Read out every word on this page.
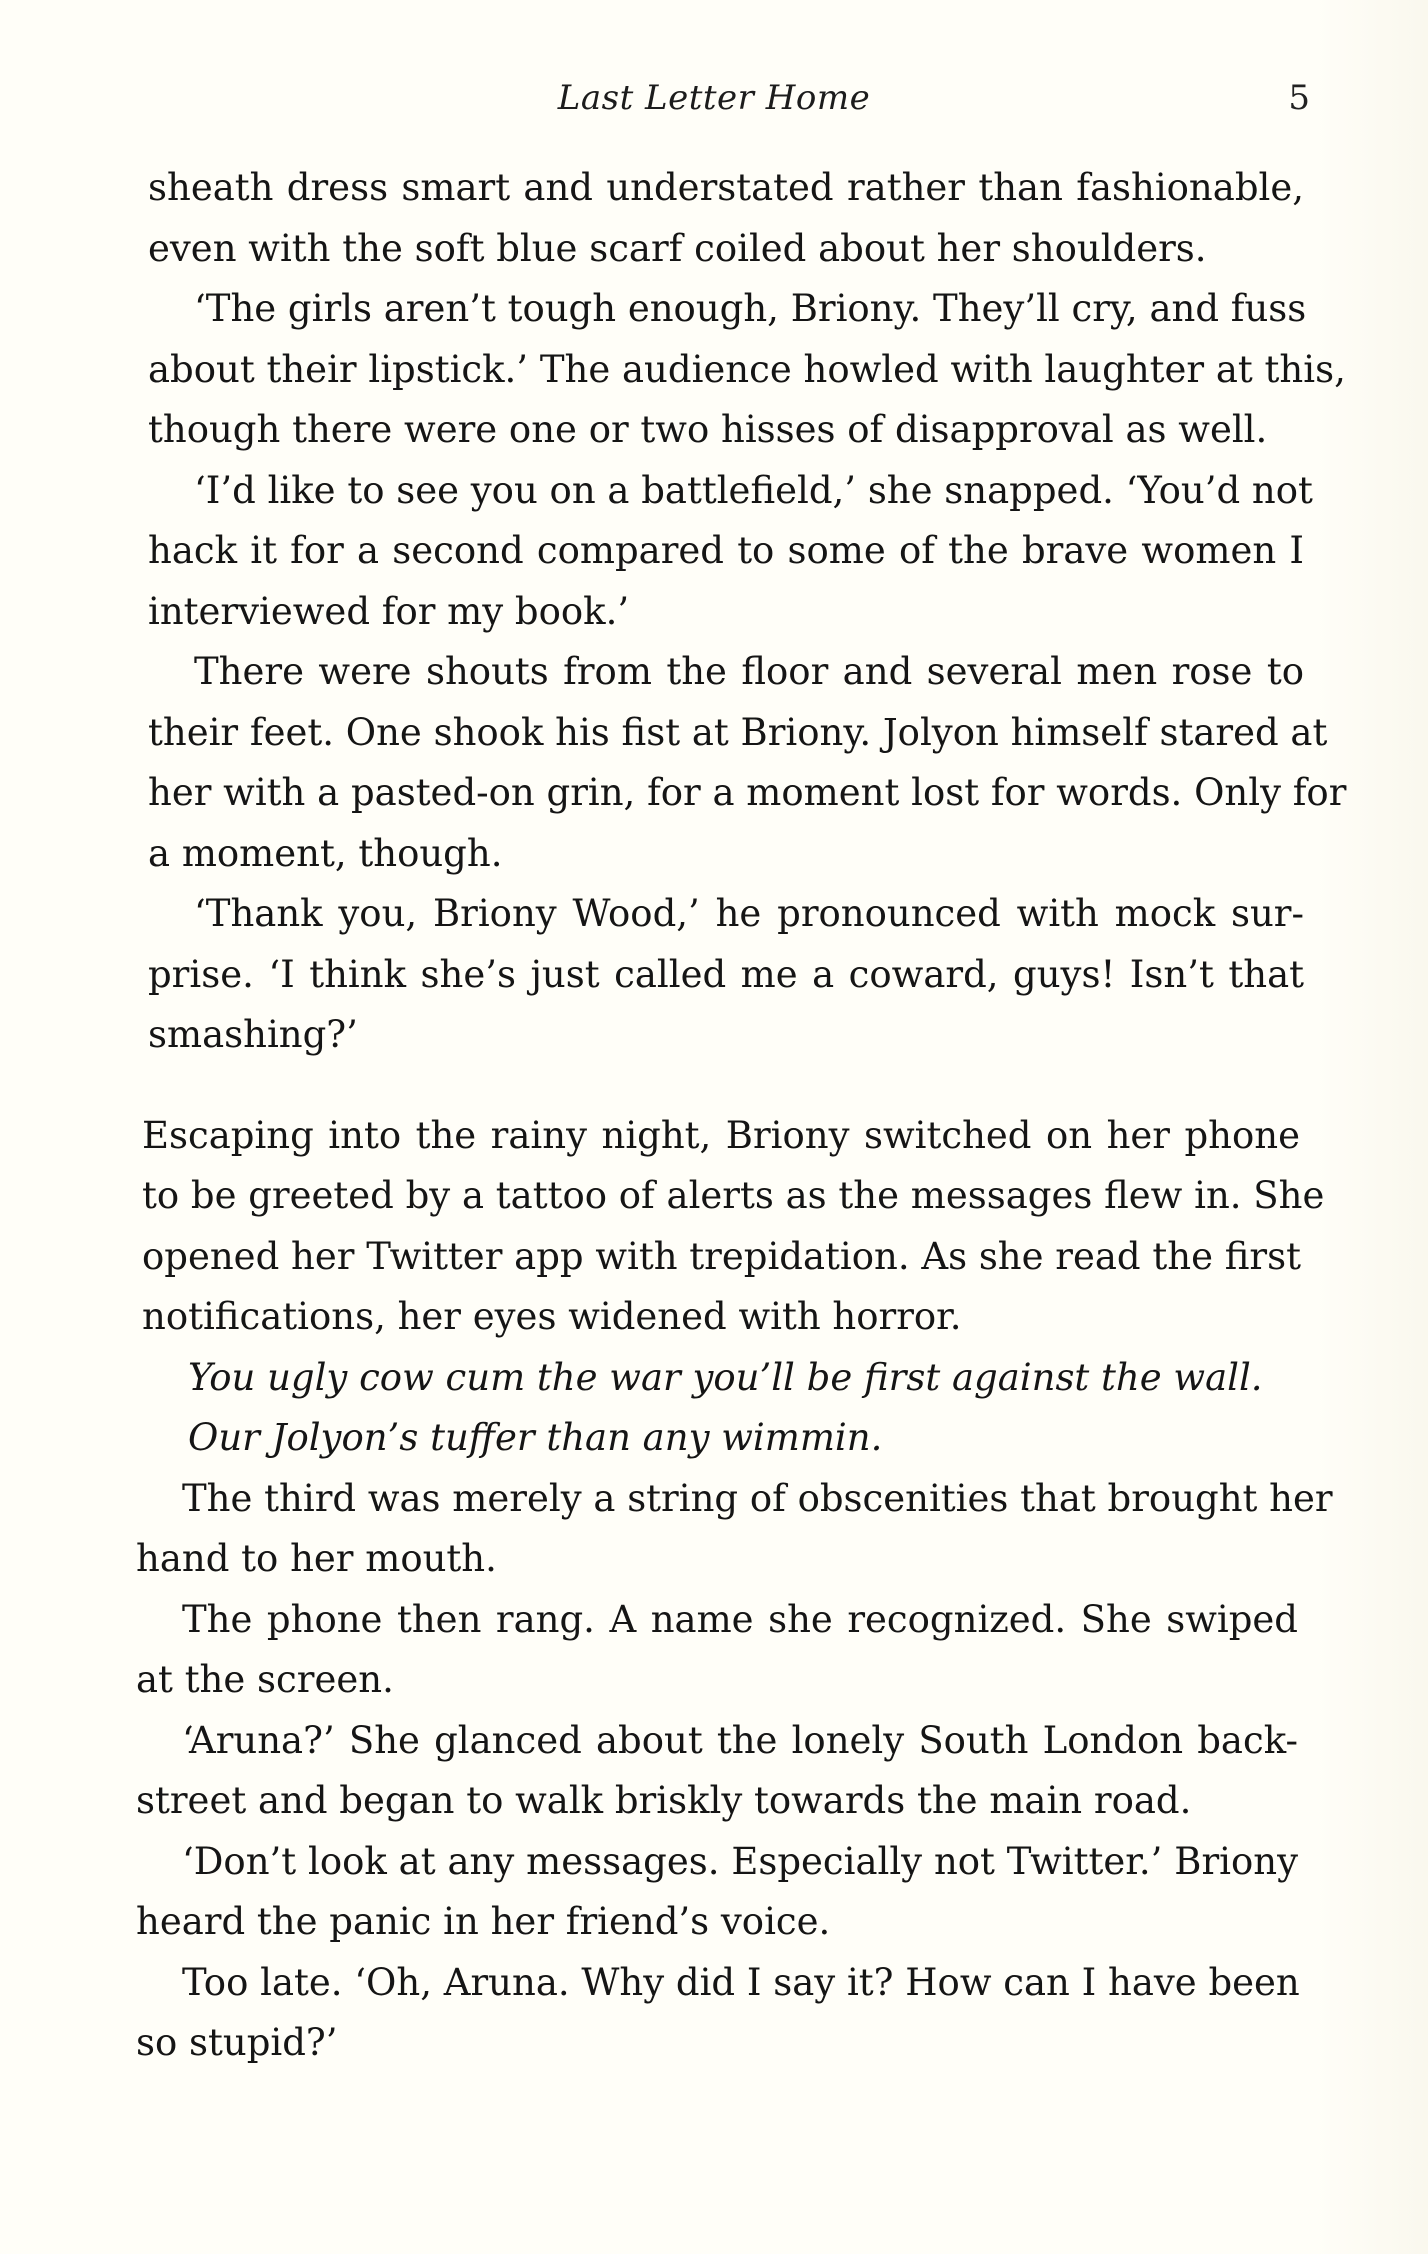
Last Letter Home	5
sheath dress smart and understated rather than fashionable,
even with the soft blue scarf coiled about her shoulders.
‘The girls aren’t tough enough, Briony. They’ll cry, and fuss
about their lipstick.’ The audience howled with laughter at this,
though there were one or two hisses of disapproval as well.
‘I’d like to see you on a battlefield,’ she snapped. ‘You’d not
hack it for a second compared to some of the brave women I
interviewed for my book.’
There were shouts from the floor and several men rose to
their feet. One shook his fist at Briony. Jolyon himself stared at
her with a pasted-on grin, for a moment lost for words. Only for
a moment, though.
‘Thank you, Briony Wood,’ he pronounced with mock sur-
prise. ‘I think she’s just called me a coward, guys! Isn’t that
smashing?’
Escaping into the rainy night, Briony switched on her phone
to be greeted by a tattoo of alerts as the messages flew in. She
opened her Twitter app with trepidation. As she read the first
notifications, her eyes widened with horror.
You ugly cow cum the war you’ll be first against the wall.
Our Jolyon’s tuffer than any wimmin.
The third was merely a string of obscenities that brought her
hand to her mouth.
The phone then rang. A name she recognized. She swiped
at the screen.
‘Aruna?’ She glanced about the lonely South London back-
street and began to walk briskly towards the main road.
‘Don’t look at any messages. Especially not Twitter.’ Briony
heard the panic in her friend’s voice.
Too late. ‘Oh, Aruna. Why did I say it? How can I have been
so stupid?’
